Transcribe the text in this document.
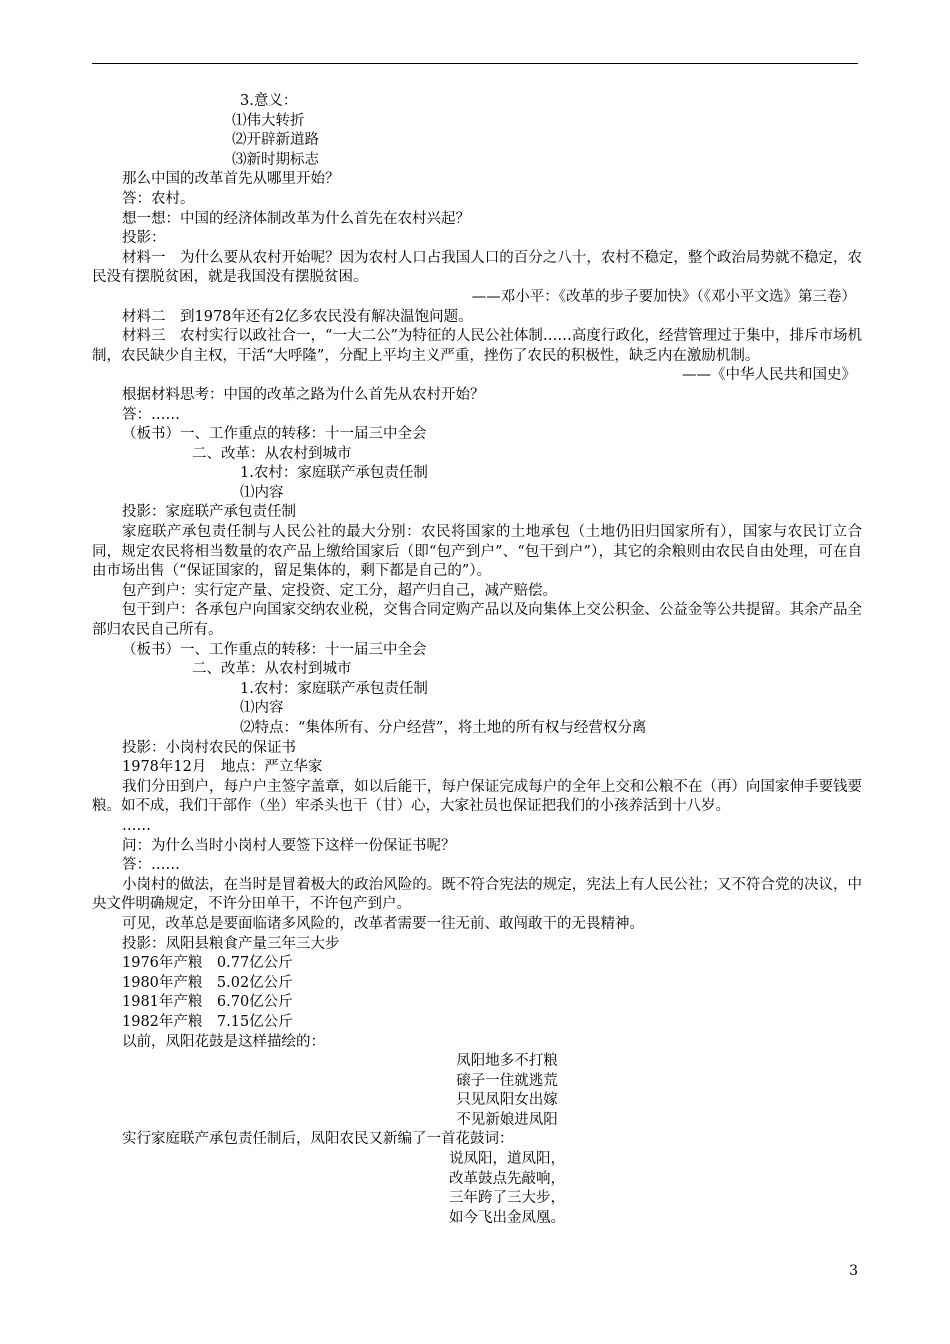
3.意义：
⑴伟大转折
⑵开辟新道路
⑶新时期标志
那么中国的改革首先从哪里开始？
答：农村。
想一想：中国的经济体制改革为什么首先在农村兴起？
投影：
材料一　为什么要从农村开始呢？因为农村人口占我国人口的百分之八十，农村不稳定，整个政治局势就不稳定，农民没有摆脱贫困，就是我国没有摆脱贫困。
——邓小平：《改革的步子要加快》（《邓小平文选》第三卷）
材料二　到1978年还有2亿多农民没有解决温饱问题。
材料三　农村实行以政社合一，“一大二公”为特征的人民公社体制……高度行政化，经营管理过于集中，排斥市场机制，农民缺少自主权，干活“大呼隆”，分配上平均主义严重，挫伤了农民的积极性，缺乏内在激励机制。
——《中华人民共和国史》
根据材料思考：中国的改革之路为什么首先从农村开始？
答：……
（板书）一、工作重点的转移：十一届三中全会
二、改革：从农村到城市
1.农村：家庭联产承包责任制
⑴内容
投影：家庭联产承包责任制
家庭联产承包责任制与人民公社的最大分别：农民将国家的土地承包（土地仍旧归国家所有），国家与农民订立合同，规定农民将相当数量的农产品上缴给国家后（即“包产到户”、“包干到户”），其它的余粮则由农民自由处理，可在自由市场出售（“保证国家的，留足集体的，剩下都是自己的”）。
包产到户：实行定产量、定投资、定工分，超产归自己，减产赔偿。
包干到户：各承包户向国家交纳农业税，交售合同定购产品以及向集体上交公积金、公益金等公共提留。其余产品全部归农民自己所有。
（板书）一、工作重点的转移：十一届三中全会
二、改革：从农村到城市
1.农村：家庭联产承包责任制
⑴内容
⑵特点：“集体所有、分户经营”，将土地的所有权与经营权分离
投影：小岗村农民的保证书
1978年12月　地点：严立华家
我们分田到户，每户户主签字盖章，如以后能干，每户保证完成每户的全年上交和公粮不在（再）向国家伸手要钱要粮。如不成，我们干部作（坐）牢杀头也干（甘）心，大家社员也保证把我们的小孩养活到十八岁。
……
问：为什么当时小岗村人要签下这样一份保证书呢？
答：……
小岗村的做法，在当时是冒着极大的政治风险的。既不符合宪法的规定，宪法上有人民公社；又不符合党的决议，中央文件明确规定，不许分田单干，不许包产到户。
可见，改革总是要面临诸多风险的，改革者需要一往无前、敢闯敢干的无畏精神。
投影：凤阳县粮食产量三年三大步
1976年产粮　0.77亿公斤
1980年产粮　5.02亿公斤
1981年产粮　6.70亿公斤
1982年产粮　7.15亿公斤
以前，凤阳花鼓是这样描绘的：
凤阳地多不打粮
磙子一住就逃荒
只见凤阳女出嫁
不见新娘进凤阳
实行家庭联产承包责任制后，凤阳农民又新编了一首花鼓词：
说凤阳，道凤阳，
改革鼓点先敲响，
三年跨了三大步，
如今飞出金凤凰。
3
